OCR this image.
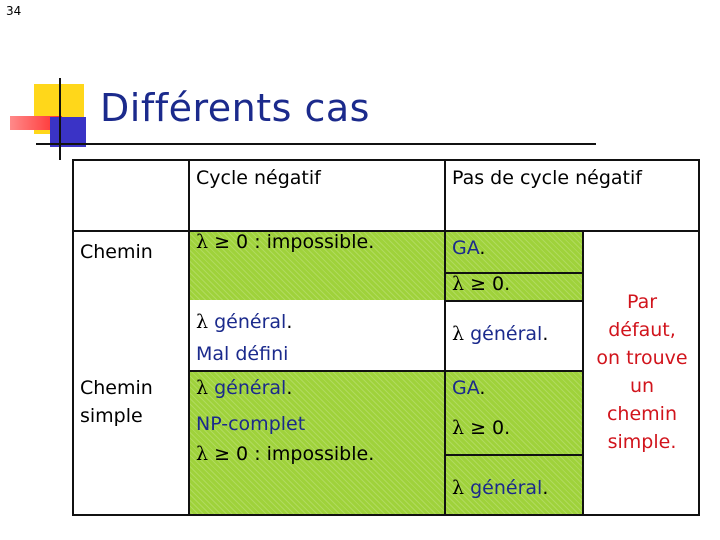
34
Différents cas
Cycle négatif	Pas de cycle négatif
Chemin
Chemin
simple
λ ≥ 0 : impossible.	GA.
λ ≥ 0.
λ général.
Mal défini
λ général.
λ général.
NP-complet
λ ≥ 0 : impossible.
GA.
λ ≥ 0.
λ général.
Par
défaut,
on trouve
un
chemin
simple.
